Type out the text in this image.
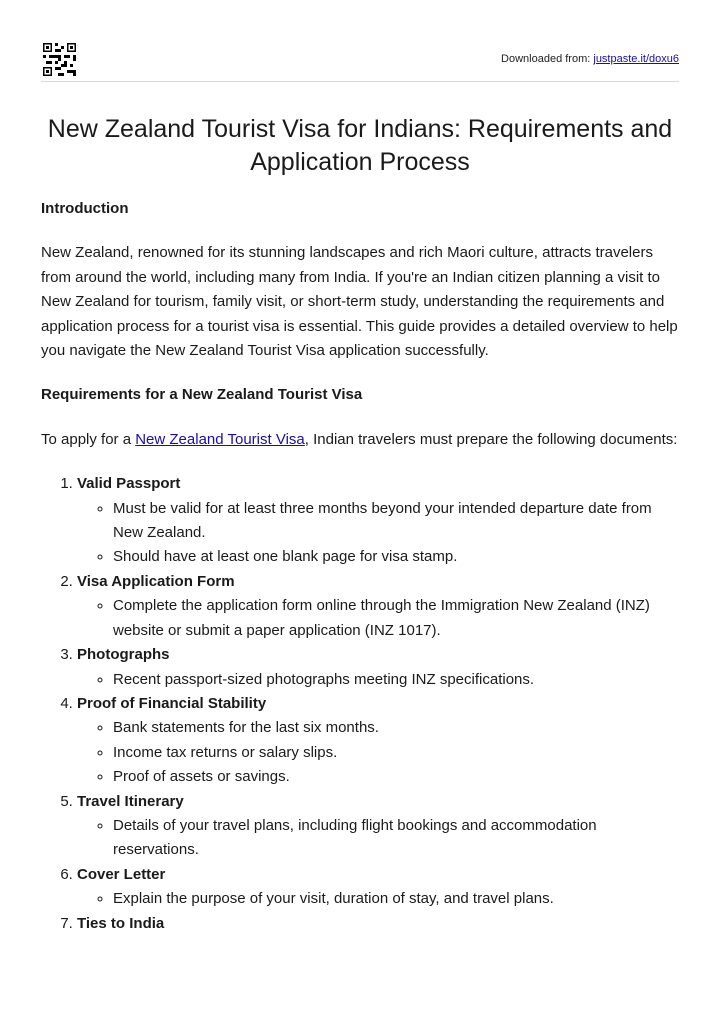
Downloaded from: justpaste.it/doxu6
New Zealand Tourist Visa for Indians: Requirements and Application Process

Introduction

New Zealand, renowned for its stunning landscapes and rich Maori culture, attracts travelers from around the world, including many from India. If you're an Indian citizen planning a visit to New Zealand for tourism, family visit, or short-term study, understanding the requirements and application process for a tourist visa is essential. This guide provides a detailed overview to help you navigate the New Zealand Tourist Visa application successfully.

Requirements for a New Zealand Tourist Visa

To apply for a New Zealand Tourist Visa, Indian travelers must prepare the following documents:

1. Valid Passport
◦ Must be valid for at least three months beyond your intended departure date from New Zealand.
◦ Should have at least one blank page for visa stamp.
2. Visa Application Form
◦ Complete the application form online through the Immigration New Zealand (INZ) website or submit a paper application (INZ 1017).
3. Photographs
◦ Recent passport-sized photographs meeting INZ specifications.
4. Proof of Financial Stability
◦ Bank statements for the last six months.
◦ Income tax returns or salary slips.
◦ Proof of assets or savings.
5. Travel Itinerary
◦ Details of your travel plans, including flight bookings and accommodation reservations.
6. Cover Letter
◦ Explain the purpose of your visit, duration of stay, and travel plans.
7. Ties to India
